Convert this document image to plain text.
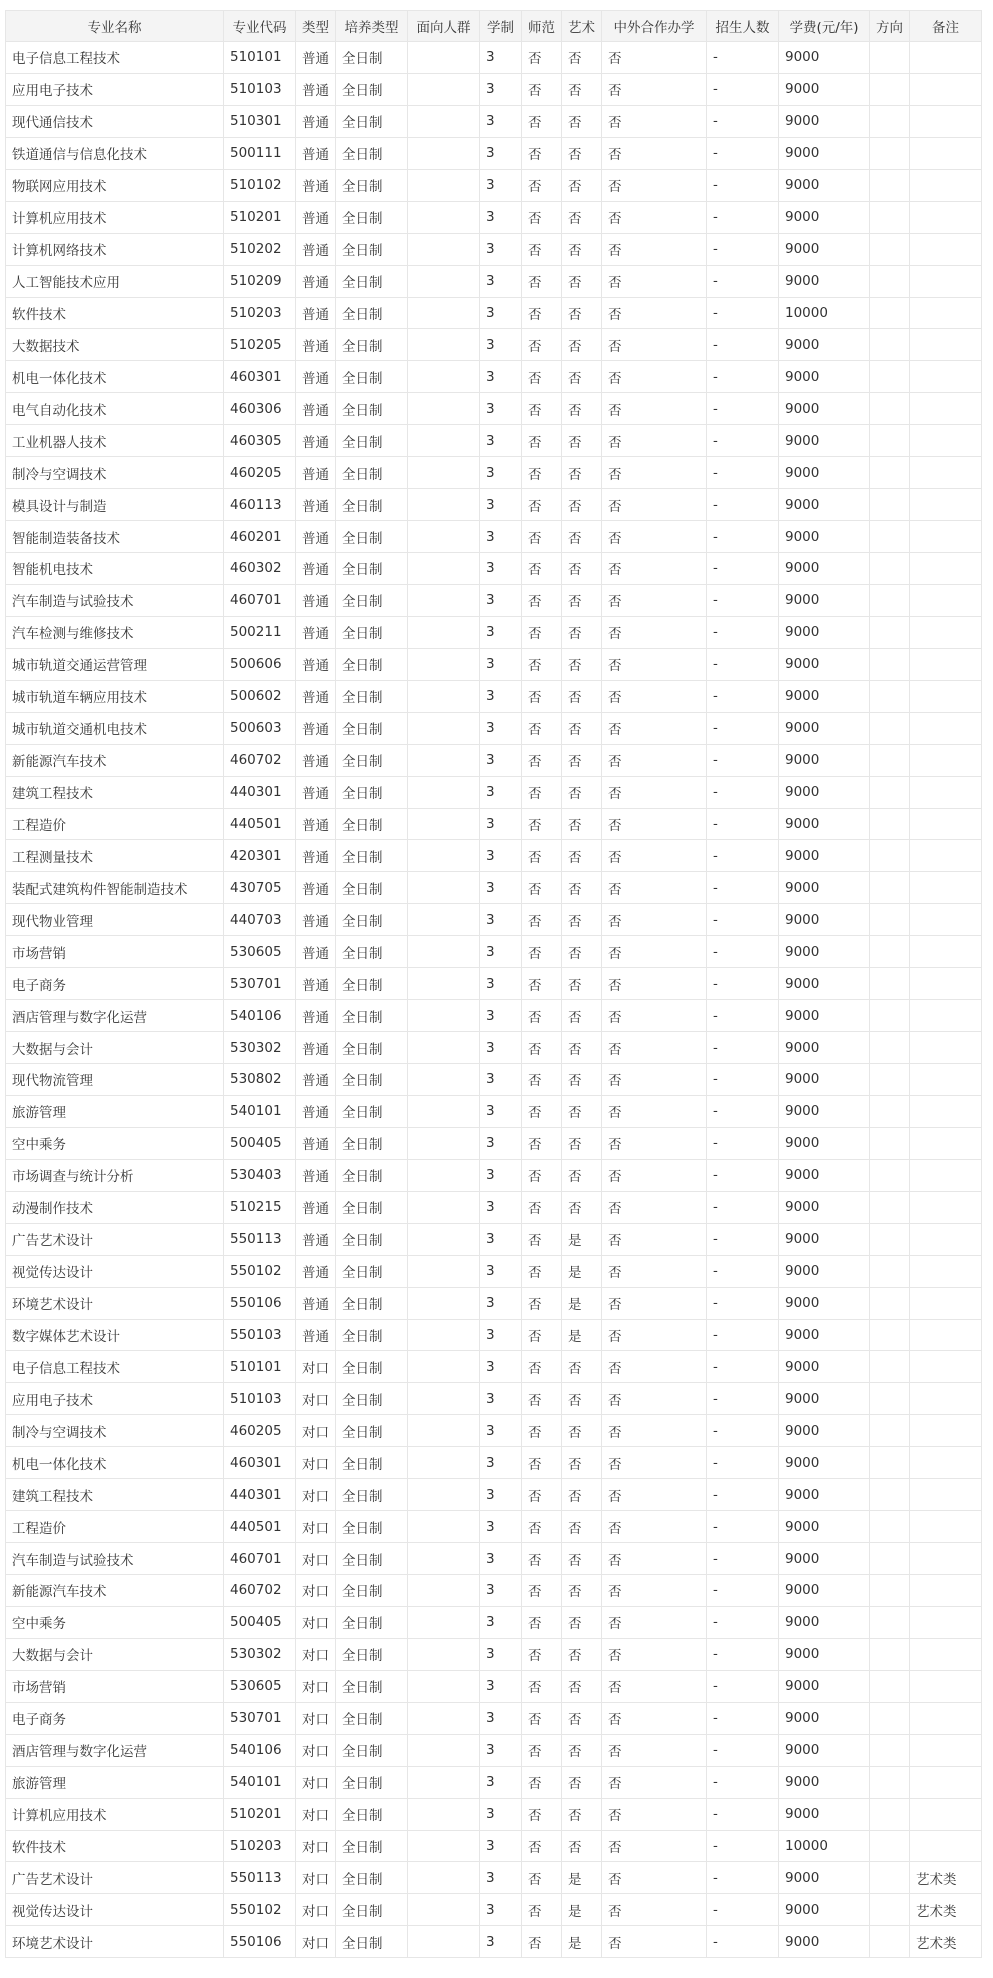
专业名称	专业代码	类型	培养类型	面向人群	学制	师范	艺术	中外合作办学	招生人数	学费(元/年)	方向	备注
电子信息工程技术	510101	普通	全日制		3	否	否	否	-	9000		
应用电子技术	510103	普通	全日制		3	否	否	否	-	9000		
现代通信技术	510301	普通	全日制		3	否	否	否	-	9000		
铁道通信与信息化技术	500111	普通	全日制		3	否	否	否	-	9000		
物联网应用技术	510102	普通	全日制		3	否	否	否	-	9000		
计算机应用技术	510201	普通	全日制		3	否	否	否	-	9000		
计算机网络技术	510202	普通	全日制		3	否	否	否	-	9000		
人工智能技术应用	510209	普通	全日制		3	否	否	否	-	9000		
软件技术	510203	普通	全日制		3	否	否	否	-	10000		
大数据技术	510205	普通	全日制		3	否	否	否	-	9000		
机电一体化技术	460301	普通	全日制		3	否	否	否	-	9000		
电气自动化技术	460306	普通	全日制		3	否	否	否	-	9000		
工业机器人技术	460305	普通	全日制		3	否	否	否	-	9000		
制冷与空调技术	460205	普通	全日制		3	否	否	否	-	9000		
模具设计与制造	460113	普通	全日制		3	否	否	否	-	9000		
智能制造装备技术	460201	普通	全日制		3	否	否	否	-	9000		
智能机电技术	460302	普通	全日制		3	否	否	否	-	9000		
汽车制造与试验技术	460701	普通	全日制		3	否	否	否	-	9000		
汽车检测与维修技术	500211	普通	全日制		3	否	否	否	-	9000		
城市轨道交通运营管理	500606	普通	全日制		3	否	否	否	-	9000		
城市轨道车辆应用技术	500602	普通	全日制		3	否	否	否	-	9000		
城市轨道交通机电技术	500603	普通	全日制		3	否	否	否	-	9000		
新能源汽车技术	460702	普通	全日制		3	否	否	否	-	9000		
建筑工程技术	440301	普通	全日制		3	否	否	否	-	9000		
工程造价	440501	普通	全日制		3	否	否	否	-	9000		
工程测量技术	420301	普通	全日制		3	否	否	否	-	9000		
装配式建筑构件智能制造技术	430705	普通	全日制		3	否	否	否	-	9000		
现代物业管理	440703	普通	全日制		3	否	否	否	-	9000		
市场营销	530605	普通	全日制		3	否	否	否	-	9000		
电子商务	530701	普通	全日制		3	否	否	否	-	9000		
酒店管理与数字化运营	540106	普通	全日制		3	否	否	否	-	9000		
大数据与会计	530302	普通	全日制		3	否	否	否	-	9000		
现代物流管理	530802	普通	全日制		3	否	否	否	-	9000		
旅游管理	540101	普通	全日制		3	否	否	否	-	9000		
空中乘务	500405	普通	全日制		3	否	否	否	-	9000		
市场调查与统计分析	530403	普通	全日制		3	否	否	否	-	9000		
动漫制作技术	510215	普通	全日制		3	否	否	否	-	9000		
广告艺术设计	550113	普通	全日制		3	否	是	否	-	9000		
视觉传达设计	550102	普通	全日制		3	否	是	否	-	9000		
环境艺术设计	550106	普通	全日制		3	否	是	否	-	9000		
数字媒体艺术设计	550103	普通	全日制		3	否	是	否	-	9000		
电子信息工程技术	510101	对口	全日制		3	否	否	否	-	9000		
应用电子技术	510103	对口	全日制		3	否	否	否	-	9000		
制冷与空调技术	460205	对口	全日制		3	否	否	否	-	9000		
机电一体化技术	460301	对口	全日制		3	否	否	否	-	9000		
建筑工程技术	440301	对口	全日制		3	否	否	否	-	9000		
工程造价	440501	对口	全日制		3	否	否	否	-	9000		
汽车制造与试验技术	460701	对口	全日制		3	否	否	否	-	9000		
新能源汽车技术	460702	对口	全日制		3	否	否	否	-	9000		
空中乘务	500405	对口	全日制		3	否	否	否	-	9000		
大数据与会计	530302	对口	全日制		3	否	否	否	-	9000		
市场营销	530605	对口	全日制		3	否	否	否	-	9000		
电子商务	530701	对口	全日制		3	否	否	否	-	9000		
酒店管理与数字化运营	540106	对口	全日制		3	否	否	否	-	9000		
旅游管理	540101	对口	全日制		3	否	否	否	-	9000		
计算机应用技术	510201	对口	全日制		3	否	否	否	-	9000		
软件技术	510203	对口	全日制		3	否	否	否	-	10000		
广告艺术设计	550113	对口	全日制		3	否	是	否	-	9000		艺术类
视觉传达设计	550102	对口	全日制		3	否	是	否	-	9000		艺术类
环境艺术设计	550106	对口	全日制		3	否	是	否	-	9000		艺术类
